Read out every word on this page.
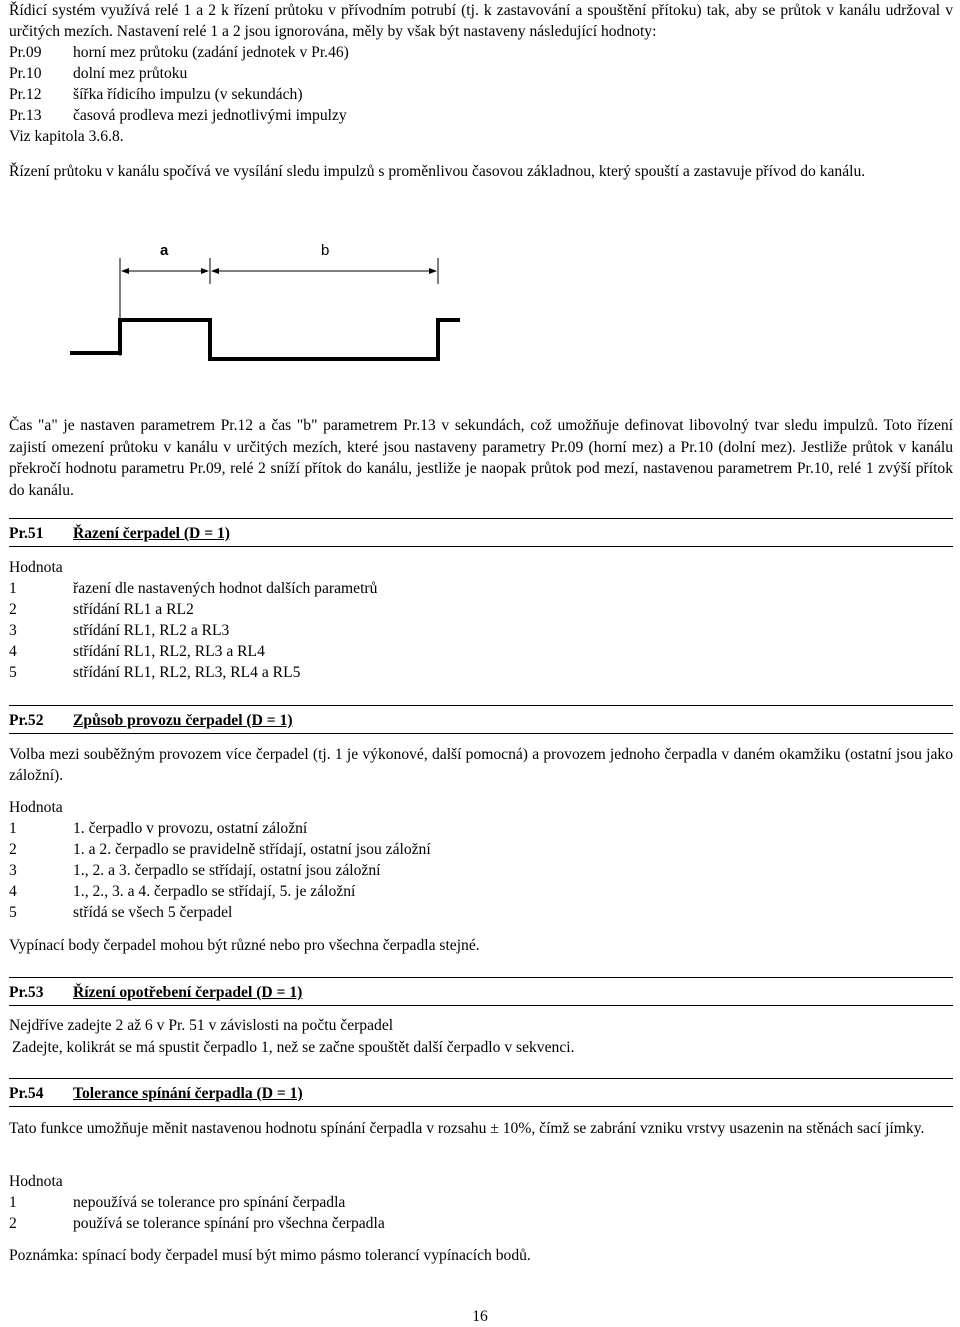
Řídicí systém využívá relé 1 a 2 k řízení průtoku v přívodním potrubí (tj. k zastavování a spouštění přítoku) tak, aby se průtok v kanálu udržoval v určitých mezích. Nastavení relé 1 a 2 jsou ignorována, měly by však být nastaveny následující hodnoty:

Pr.09	horní mez průtoku (zadání jednotek v Pr.46)
Pr.10	dolní mez průtoku
Pr.12	šířka řídicího impulzu (v sekundách)
Pr.13	časová prodleva mezi jednotlivými impulzy

Viz kapitola 3.6.8.

Řízení průtoku v kanálu spočívá ve vysílání sledu impulzů s proměnlivou časovou základnou, který spouští a zastavuje přívod do kanálu.

Čas "a" je nastaven parametrem Pr.12 a čas "b" parametrem Pr.13 v sekundách, což umožňuje definovat libovolný tvar sledu impulzů. Toto řízení zajistí omezení průtoku v kanálu v určitých mezích, které jsou nastaveny parametry Pr.09 (horní mez) a Pr.10 (dolní mez). Jestliže průtok v kanálu překročí hodnotu parametru Pr.09, relé 2 sníží přítok do kanálu, jestliže je naopak průtok pod mezí, nastavenou parametrem Pr.10, relé 1 zvýší přítok do kanálu.

Pr.51	Řazení čerpadel (D = 1)

Hodnota

1	řazení dle nastavených hodnot dalších parametrů
2	střídání RL1 a RL2
3	střídání RL1, RL2 a RL3
4	střídání RL1, RL2, RL3 a RL4
5	střídání RL1, RL2, RL3, RL4 a RL5
Pr.52	Způsob provozu čerpadel (D = 1)

Volba mezi souběžným provozem více čerpadel (tj. 1 je výkonové, další pomocná) a provozem jednoho čerpadla v daném okamžiku (ostatní jsou jako záložní).

Hodnota

1	1. čerpadlo v provozu, ostatní záložní
2	1. a 2. čerpadlo se pravidelně střídají, ostatní jsou záložní
3	1., 2. a 3. čerpadlo se střídají, ostatní jsou záložní
4	1., 2., 3. a 4. čerpadlo se střídají, 5. je záložní
5	střídá se všech 5 čerpadel

Vypínací body čerpadel mohou být různé nebo pro všechna čerpadla stejné.

Pr.53	Řízení opotřebení čerpadel (D = 1)

Nejdříve zadejte 2 až 6 v Pr. 51 v závislosti na počtu čerpadel

Zadejte, kolikrát se má spustit čerpadlo 1, než se začne spouštět další čerpadlo v sekvenci.

Pr.54	Tolerance spínání čerpadla (D = 1)

Tato funkce umožňuje měnit nastavenou hodnotu spínání čerpadla v rozsahu ± 10%, čímž se zabrání vzniku vrstvy usazenin na stěnách sací jímky.

Hodnota

1	nepoužívá se tolerance pro spínání čerpadla
2	používá se tolerance spínání pro všechna čerpadla

Poznámka: spínací body čerpadel musí být mimo pásmo tolerancí vypínacích bodů.

a	b
16
